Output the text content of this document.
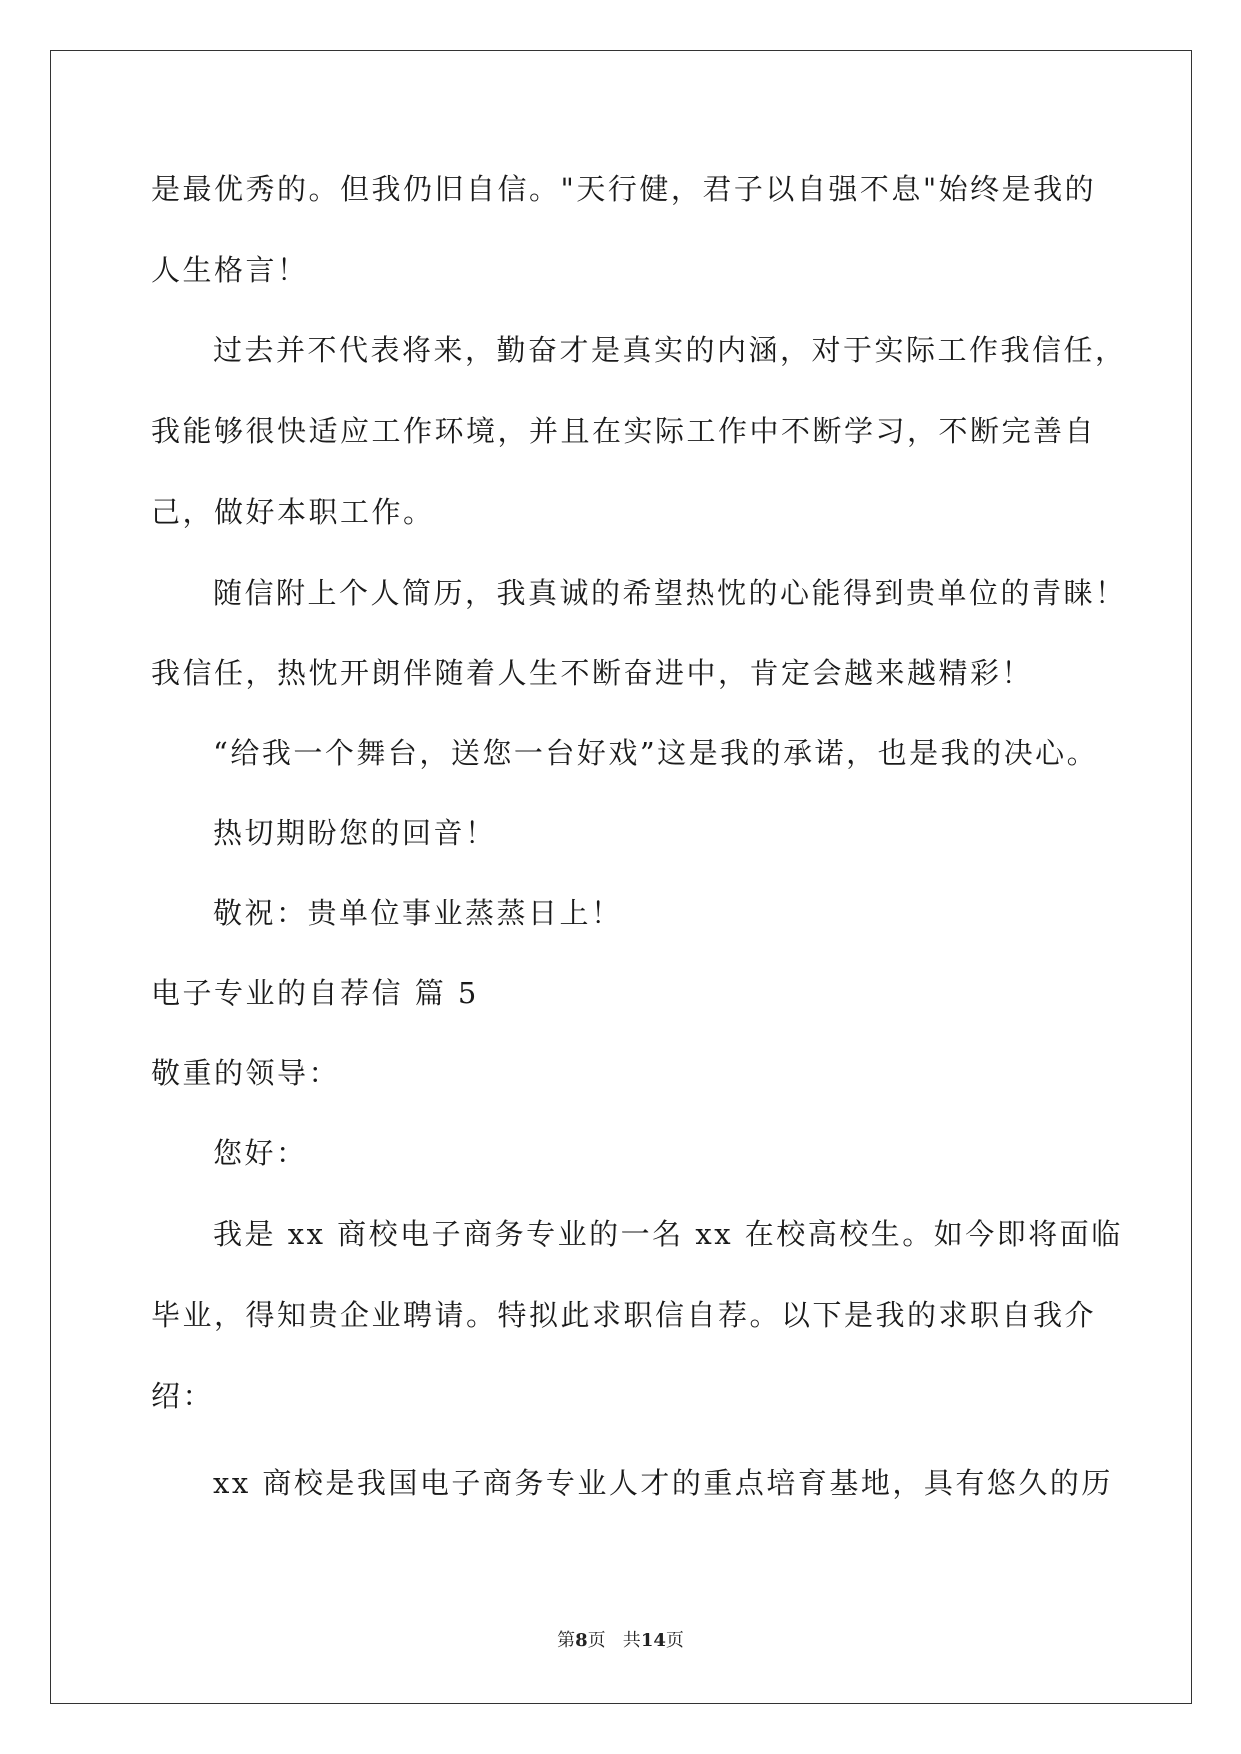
是最优秀的。但我仍旧自信。"天行健，君子以自强不息"始终是我的
人生格言！
过去并不代表将来，勤奋才是真实的内涵，对于实际工作我信任，
我能够很快适应工作环境，并且在实际工作中不断学习，不断完善自
己，做好本职工作。
随信附上个人简历，我真诚的希望热忱的心能得到贵单位的青睐！
我信任，热忱开朗伴随着人生不断奋进中，肯定会越来越精彩！
“给我一个舞台，送您一台好戏”这是我的承诺，也是我的决心。
热切期盼您的回音！
敬祝：贵单位事业蒸蒸日上！
电子专业的自荐信 篇 5
敬重的领导：
您好：
我是 xx 商校电子商务专业的一名 xx 在校高校生。如今即将面临
毕业，得知贵企业聘请。特拟此求职信自荐。以下是我的求职自我介
绍：
xx 商校是我国电子商务专业人才的重点培育基地，具有悠久的历
第8页   共14页
